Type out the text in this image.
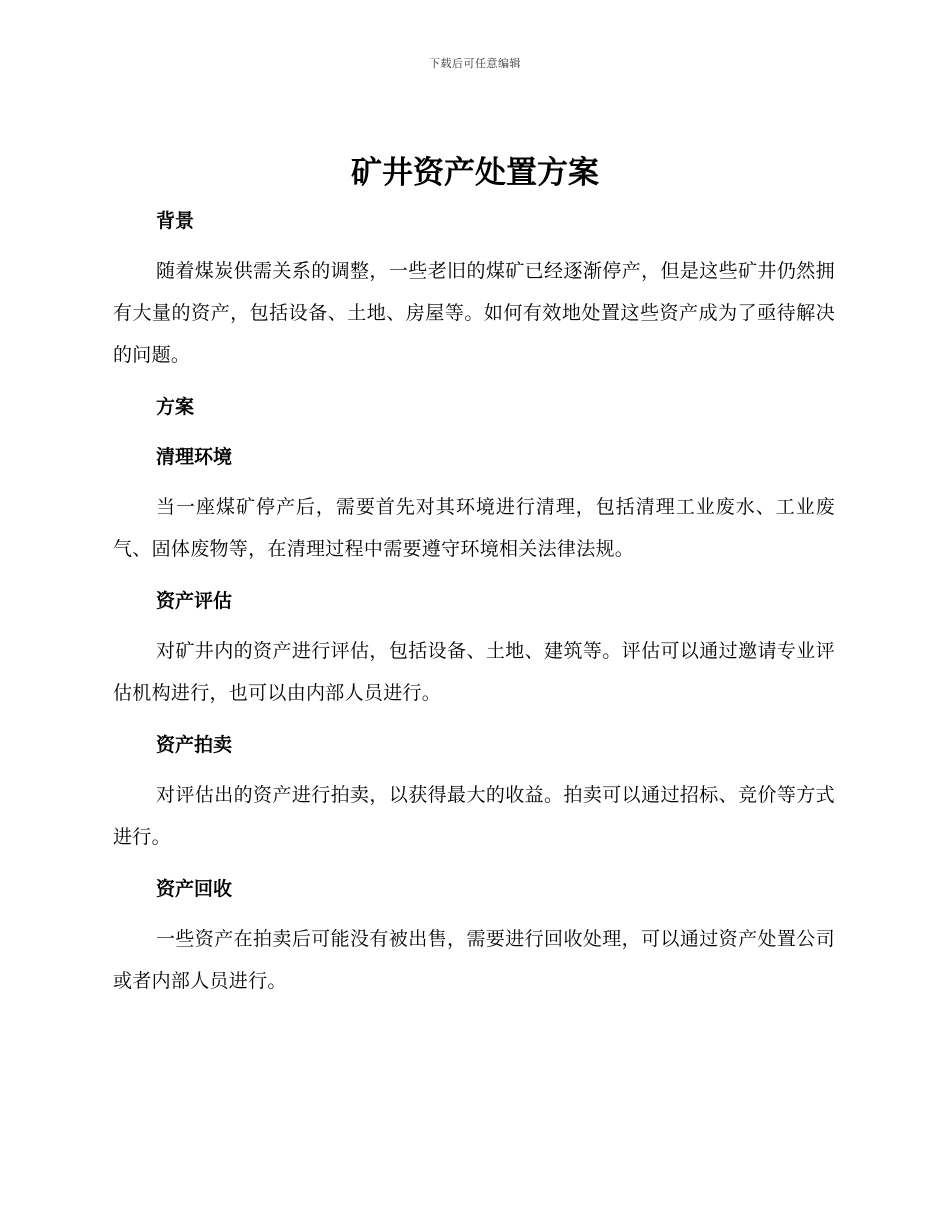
下载后可任意编辑
矿井资产处置方案

背景

随着煤炭供需关系的调整，一些老旧的煤矿已经逐渐停产，但是这些矿井仍然拥有大量的资产，包括设备、土地、房屋等。如何有效地处置这些资产成为了亟待解决的问题。

方案

清理环境

当一座煤矿停产后，需要首先对其环境进行清理，包括清理工业废水、工业废气、固体废物等，在清理过程中需要遵守环境相关法律法规。

资产评估

对矿井内的资产进行评估，包括设备、土地、建筑等。评估可以通过邀请专业评估机构进行，也可以由内部人员进行。

资产拍卖

对评估出的资产进行拍卖，以获得最大的收益。拍卖可以通过招标、竞价等方式进行。

资产回收

一些资产在拍卖后可能没有被出售，需要进行回收处理，可以通过资产处置公司或者内部人员进行。
